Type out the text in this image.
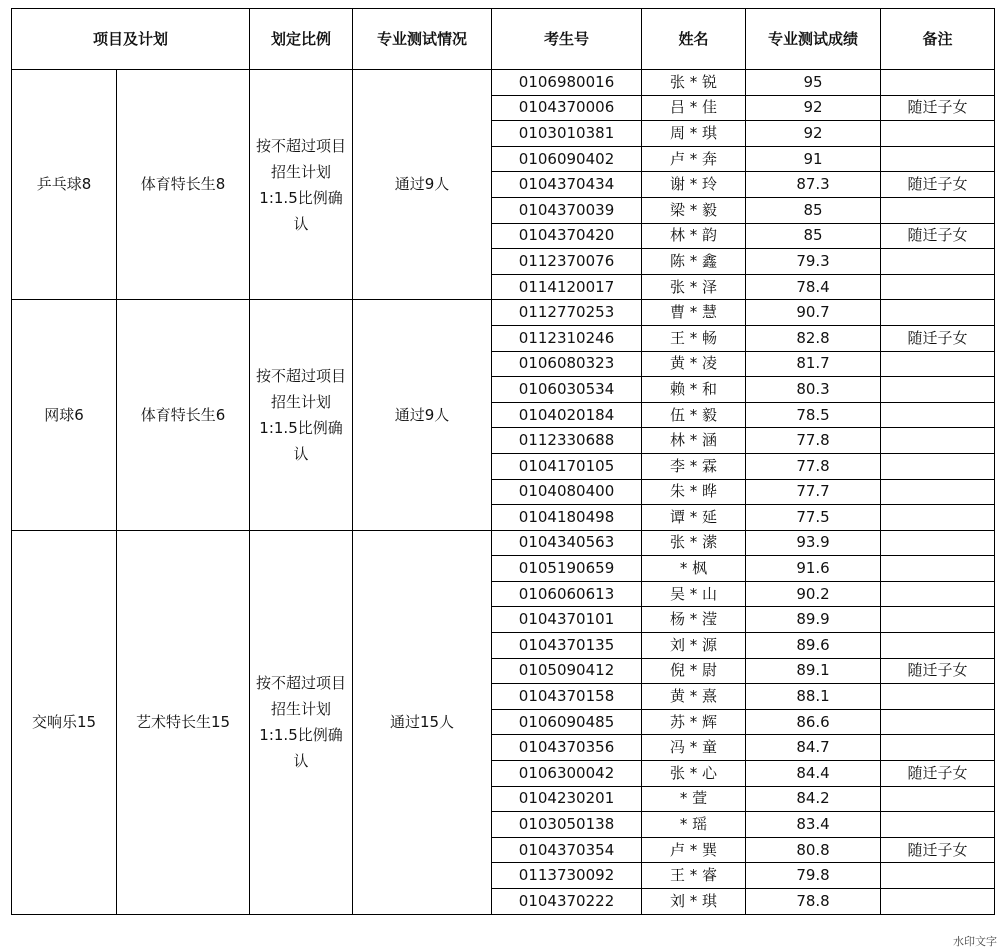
项目及计划		划定比例	专业测试情况	考生号	姓名	专业测试成绩	备注
乒乓球8	体育特长生8	按不超过项目招生计划1:1.5比例确认	通过9人	0106980016	张 * 锐	95	
				0104370006	吕 * 佳	92	随迁子女
				0103010381	周 * 琪	92	
				0106090402	卢 * 奔	91	
				0104370434	谢 * 玲	87.3	随迁子女
				0104370039	梁 * 毅	85	
				0104370420	林 * 韵	85	随迁子女
				0112370076	陈 * 鑫	79.3	
				0114120017	张 * 泽	78.4	
网球6	体育特长生6	按不超过项目招生计划1:1.5比例确认	通过9人	0112770253	曹 * 慧	90.7	
				0112310246	王 * 畅	82.8	随迁子女
				0106080323	黄 * 凌	81.7	
				0106030534	赖 * 和	80.3	
				0104020184	伍 * 毅	78.5	
				0112330688	林 * 涵	77.8	
				0104170105	李 * 霖	77.8	
				0104080400	朱 * 晔	77.7	
				0104180498	谭 * 延	77.5	
交响乐15	艺术特长生15	按不超过项目招生计划1:1.5比例确认	通过15人	0104340563	张 * 潆	93.9	
				0105190659	* 枫	91.6	
				0106060613	吴 * 山	90.2	
				0104370101	杨 * 滢	89.9	
				0104370135	刘 * 源	89.6	
				0105090412	倪 * 尉	89.1	随迁子女
				0104370158	黄 * 熹	88.1	
				0106090485	苏 * 辉	86.6	
				0104370356	冯 * 童	84.7	
				0106300042	张 * 心	84.4	随迁子女
				0104230201	* 萱	84.2	
				0103050138	* 瑶	83.4	
				0104370354	卢 * 巽	80.8	随迁子女
				0113730092	王 * 睿	79.8	
				0104370222	刘 * 琪	78.8	
水印文字
